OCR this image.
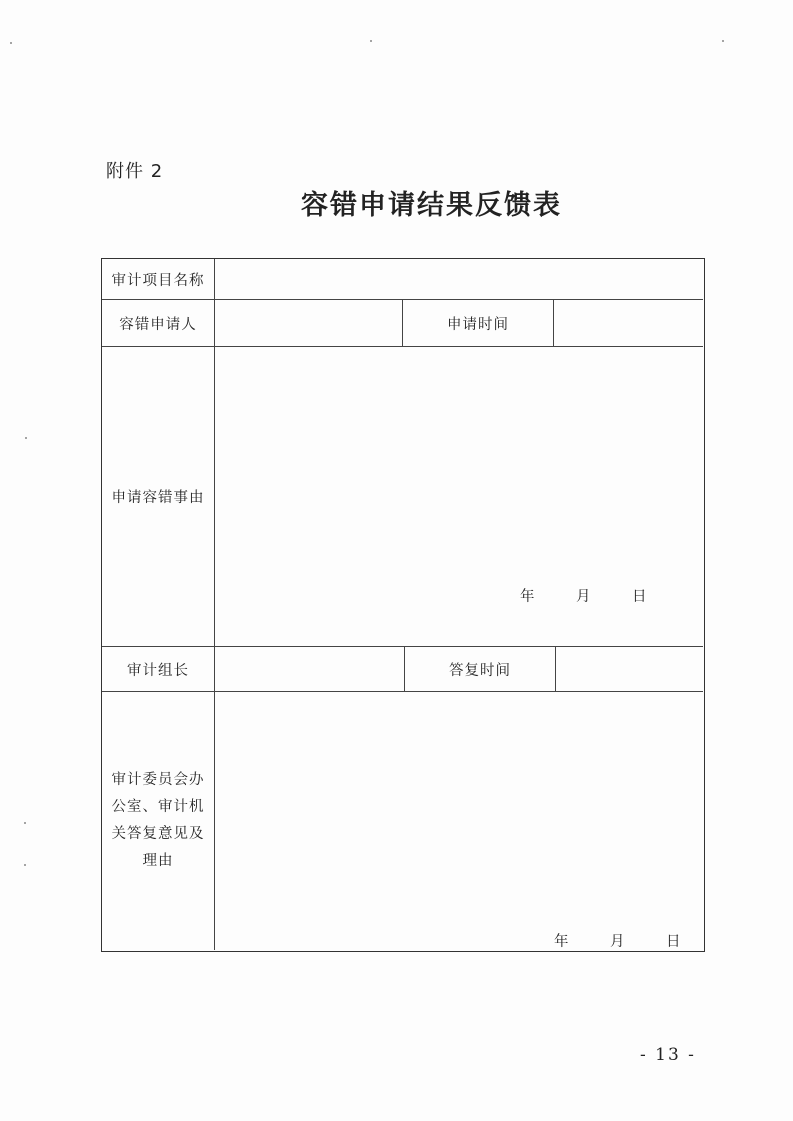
附件 2
容错申请结果反馈表
审计项目名称
容错申请人	申请时间
申请容错事由
年	月	日
审计组长	答复时间
审计委员会办
公室、审计机
关答复意见及
理由
年	月	日
- 13 -
